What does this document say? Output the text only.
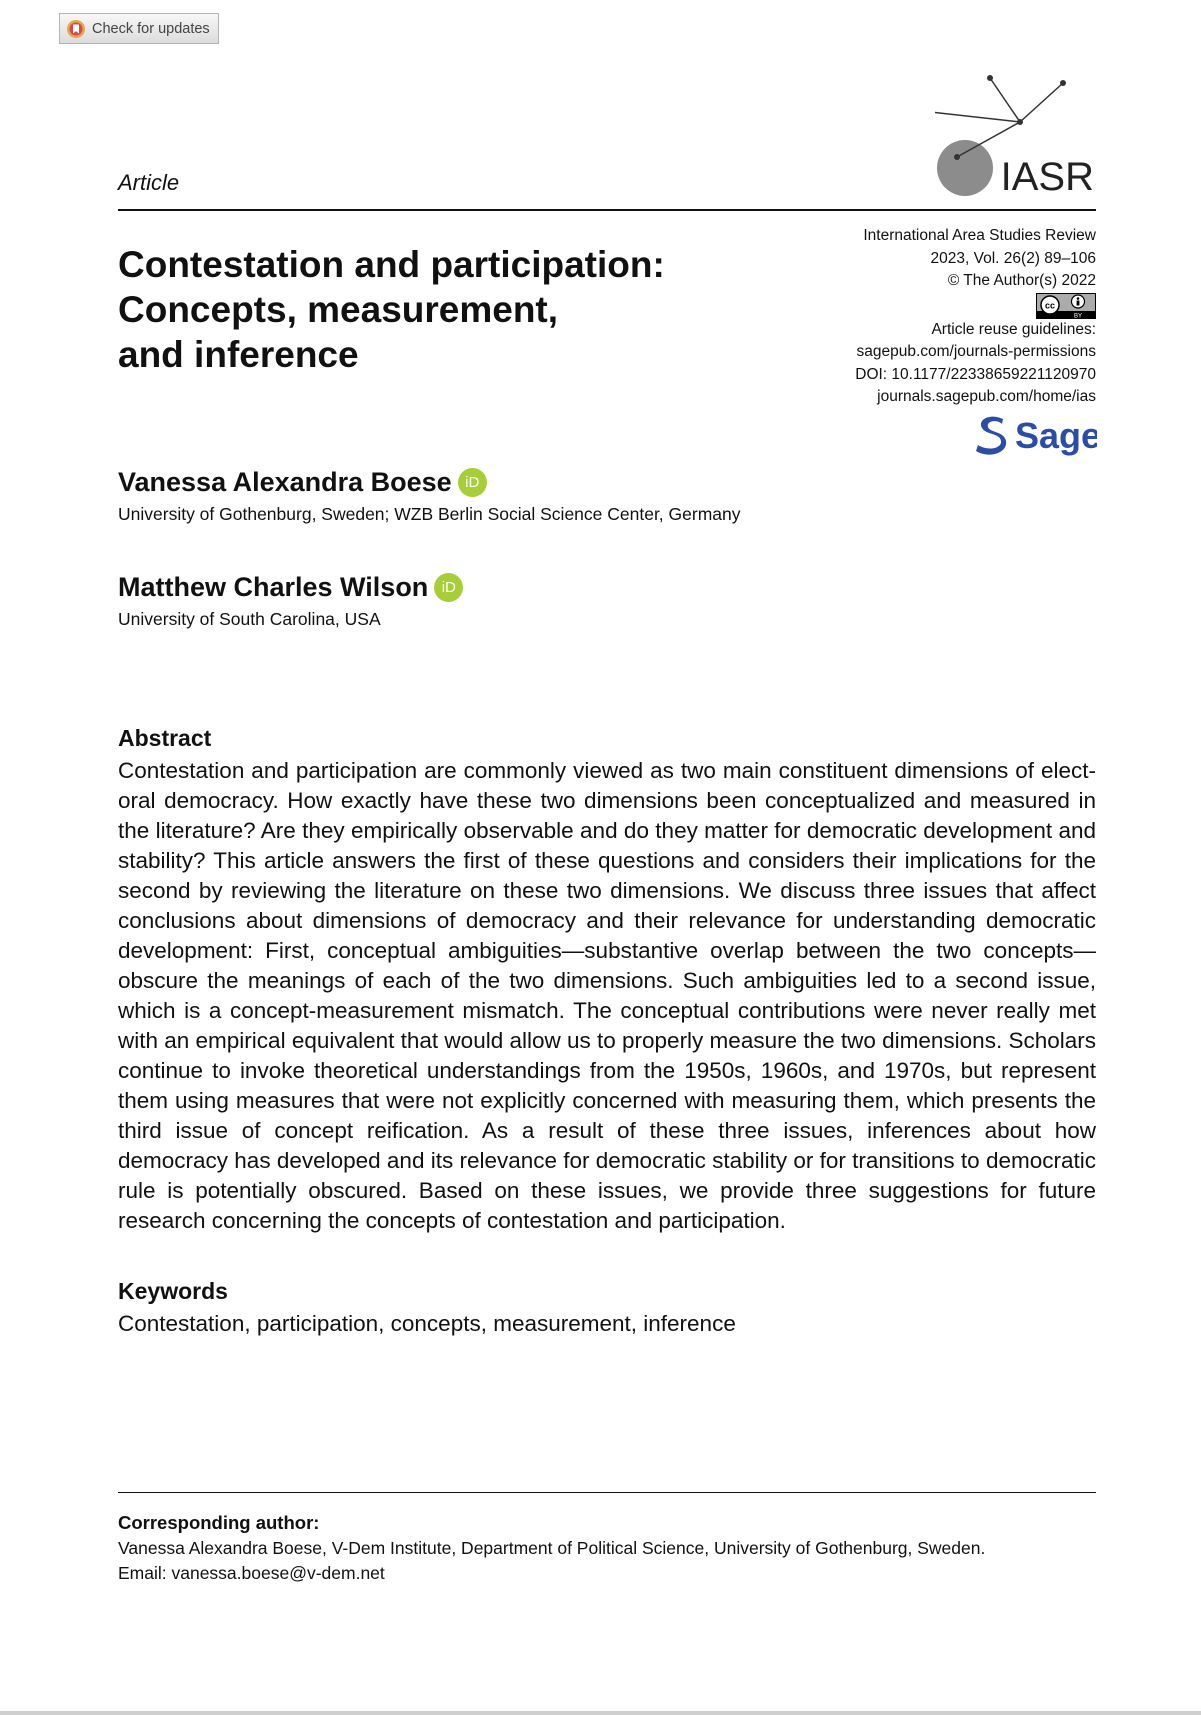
Check for updates
IASR
Article
Contestation and participation:
Concepts, measurement,
and inference
International Area Studies Review
2023, Vol. 26(2) 89–106
© The Author(s) 2022
cc
BY
Article reuse guidelines:
sagepub.com/journals-permissions
DOI: 10.1177/22338659221120970
journals.sagepub.com/home/ias
Sage
Vanessa Alexandra Boese iD
University of Gothenburg, Sweden; WZB Berlin Social Science Center, Germany
Matthew Charles Wilson iD
University of South Carolina, USA
Abstract
Contestation and participation are commonly viewed as two main constituent dimensions of electoral democracy. How exactly have these two dimensions been conceptualized and measured in the literature? Are they empirically observable and do they matter for democratic development and stability? This article answers the first of these questions and considers their implications for the second by reviewing the literature on these two dimensions. We discuss three issues that affect conclusions about dimensions of democracy and their relevance for understanding democratic development: First, conceptual ambiguities—substantive overlap between the two concepts—obscure the meanings of each of the two dimensions. Such ambiguities led to a second issue, which is a concept-measurement mismatch. The conceptual contributions were never really met with an empirical equivalent that would allow us to properly measure the two dimensions. Scholars continue to invoke theoretical understandings from the 1950s, 1960s, and 1970s, but represent them using measures that were not explicitly concerned with measuring them, which presents the third issue of concept reification. As a result of these three issues, inferences about how democracy has developed and its relevance for democratic stability or for transitions to democratic rule is potentially obscured. Based on these issues, we provide three suggestions for future research concerning the concepts of contestation and participation.
Keywords
Contestation, participation, concepts, measurement, inference
Corresponding author:
Vanessa Alexandra Boese, V-Dem Institute, Department of Political Science, University of Gothenburg, Sweden.
Email: vanessa.boese@v-dem.net
